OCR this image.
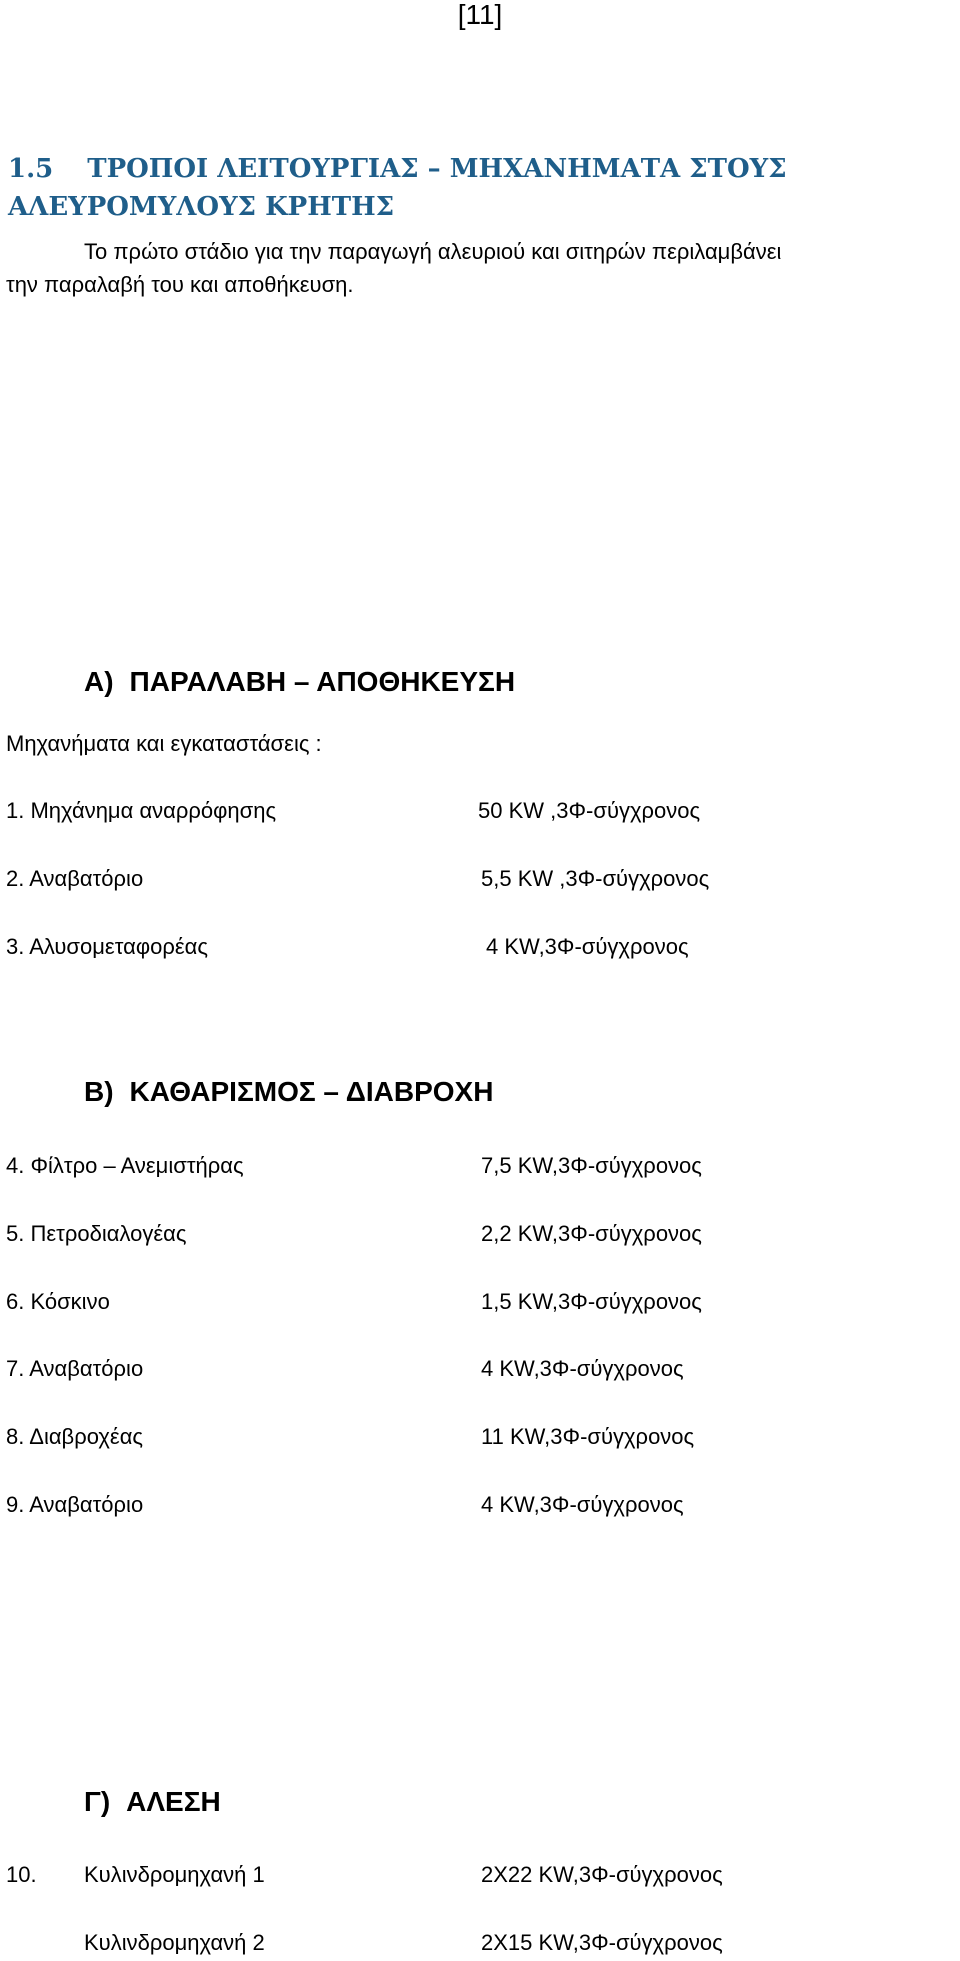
[11]
1.5 ΤΡΟΠΟΙ ΛΕΙΤΟΥΡΓΙΑΣ – ΜΗΧΑΝΗΜΑΤΑ ΣΤΟΥΣ
ΑΛΕΥΡΟΜΥΛΟΥΣ ΚΡΗΤΗΣ
Το πρώτο στάδιο για την παραγωγή αλευριού και σιτηρών περιλαμβάνει
την παραλαβή του και αποθήκευση.
Α) ΠΑΡΑΛΑΒΗ – ΑΠΟΘΗΚΕΥΣΗ
Μηχανήματα και εγκαταστάσεις :
1. Μηχάνημα αναρρόφησης	50 KW ,3Φ-σύγχρονος
2. Αναβατόριο	5,5 KW ,3Φ-σύγχρονος
3. Αλυσομεταφορέας	4 KW,3Φ-σύγχρονος
Β) ΚΑΘΑΡΙΣΜΟΣ – ΔΙΑΒΡΟΧΗ
4. Φίλτρο – Ανεμιστήρας	7,5 KW,3Φ-σύγχρονος
5. Πετροδιαλογέας	2,2 KW,3Φ-σύγχρονος
6. Κόσκινο	1,5 KW,3Φ-σύγχρονος
7. Αναβατόριο	4 KW,3Φ-σύγχρονος
8. Διαβροχέας	11 KW,3Φ-σύγχρονος
9. Αναβατόριο	4 KW,3Φ-σύγχρονος
Γ) ΑΛΕΣΗ
10. Κυλινδρομηχανή 1	2Χ22 KW,3Φ-σύγχρονος
Κυλινδρομηχανή 2	2Χ15 KW,3Φ-σύγχρονος
